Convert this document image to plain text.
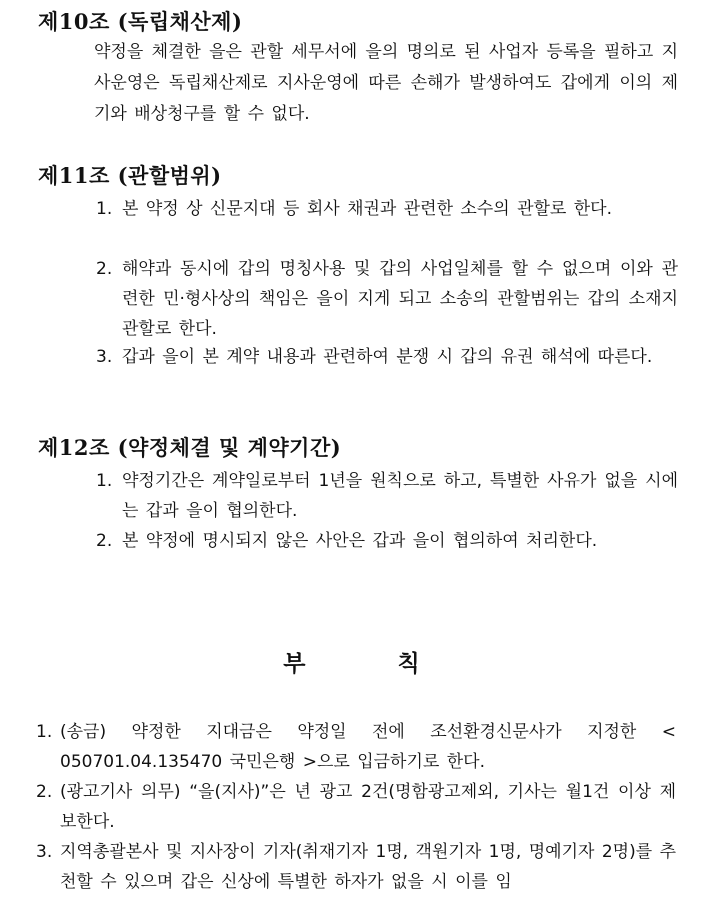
제10조 (독립채산제)
약정을 체결한 을은 관할 세무서에 을의 명의로 된 사업자 등록을 필하고 지사운영은 독립채산제로 지사운영에 따른 손해가 발생하여도 갑에게 이의 제기와 배상청구를 할 수 없다.
제11조 (관할범위)
1. 본 약정 상 신문지대 등 회사 채권과 관련한 소수의 관할로 한다.
2. 해약과 동시에 갑의 명칭사용 및 갑의 사업일체를 할 수 없으며 이와 관련한 민·형사상의 책임은 을이 지게 되고 소송의 관할범위는 갑의 소재지 관할로 한다.
3. 갑과 을이 본 계약 내용과 관련하여 분쟁 시 갑의 유권 해석에 따른다.
제12조 (약정체결 및 계약기간)
1. 약정기간은 계약일로부터 1년을 원칙으로 하고, 특별한 사유가 없을 시에는 갑과 을이 협의한다.
2. 본 약정에 명시되지 않은 사안은 갑과 을이 협의하여 처리한다.
부	칙
1. (송금) 약정한 지대금은 약정일 전에 조선환경신문사가 지정한 < 050701.04.135470 국민은행 >으로 입금하기로 한다.
2. (광고기사 의무) “을(지사)”은 년 광고 2건(명함광고제외, 기사는 월1건 이상 제보한다.
3. 지역총괄본사 및 지사장이 기자(취재기자 1명, 객원기자 1명, 명예기자 2명)를 추천할 수 있으며 갑은 신상에 특별한 하자가 없을 시 이를 임
